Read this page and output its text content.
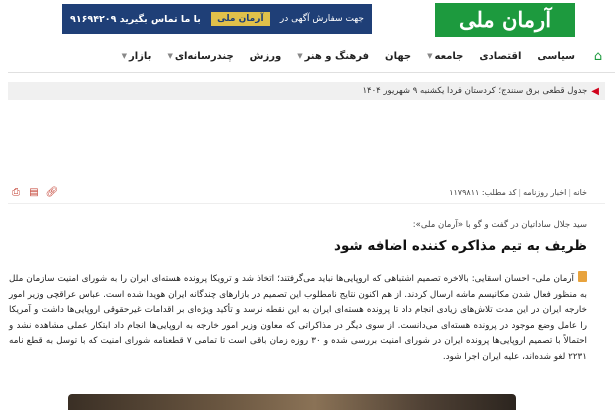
آرمان ملی
جهت سفارش آگهی در
آرمان ملی
با ما تماس بگیرید ۹۱۶۹۴۲۰۹
⌂
سیاسی
اقتصادی
جامعه
▼
جهان
فرهنگ و هنر
▼
ورزش
چندرسانه‌ای
▼
بازار
▼
◀
جدول قطعی برق سنندج؛ کردستان فردا یکشنبه ۹ شهریور ۱۴۰۴
خانه|اخبار روزنامه|کد مطلب: ۱۱۷۹۸۱۱
🔗︎
▤
⎙
سید جلال ساداتیان در گفت و گو با «آرمان ملی»:
ظریف به تیم مذاکره کننده اضافه شود
آرمان ملی- احسان اسقایی: بالاخره تصمیم اشتباهی که اروپایی‌ها نباید می‌گرفتند؛ اتخاذ شد و ترویکا پرونده هسته‌ای ایران را به شورای امنیت سازمان ملل به منظور فعال شدن مکانیسم ماشه ارسال کردند. از هم اکنون نتایج نامطلوب این تصمیم در بازارهای چندگانه ایران هویدا شده است. عباس عراقچی وزیر امور خارجه ایران در این مدت تلاش‌های زیادی انجام داد تا پرونده هسته‌ای ایران به این نقطه نرسد و تأکید ویژه‌ای بر اقدامات غیرحقوقی اروپایی‌ها داشت و آمریکا را عامل وضع موجود در پرونده هسته‌ای می‌دانست. از سوی دیگر در مذاکراتی که معاون وزیر امور خارجه به اروپایی‌ها انجام داد ابتکار عملی مشاهده نشد و احتمالاً با تصمیم اروپایی‌ها پرونده ایران در شورای امنیت بررسی شده و ۳۰ روزه زمان باقی است تا تمامی ۷ قطعنامه شورای امنیت که با توسل به قطع نامه ۲۲۳۱ لغو شده‌اند، علیه ایران اجرا شود.
